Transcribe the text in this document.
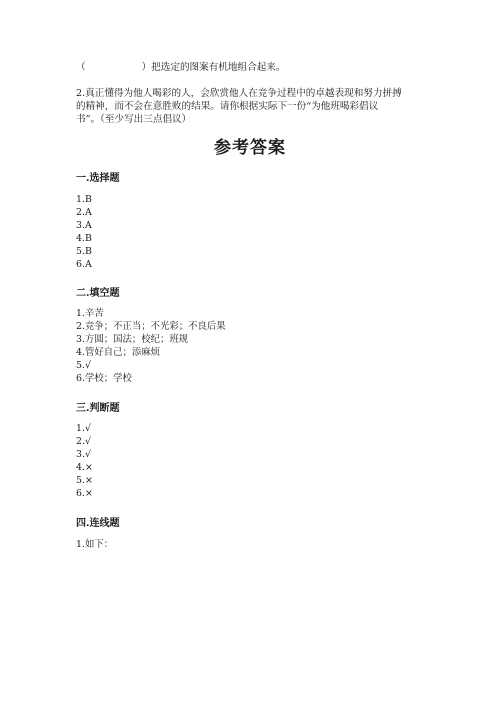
（	）把选定的图案有机地组合起来。
2.真正懂得为他人喝彩的人，会欣赏他人在竞争过程中的卓越表现和努力拼搏
的精神，而不会在意胜败的结果。请你根据实际下一份“为他班喝彩倡议
书”。（至少写出三点倡议）
参考答案
一.选择题
1.B
2.A
3.A
4.B
5.B
6.A
二.填空题
1.辛苦
2.竞争；不正当；不光彩；不良后果
3.方圆；国法；校纪；班规
4.管好自己；添麻烦
5.√
6.学校；学校
三.判断题
1.√
2.√
3.√
4.×
5.×
6.×
四.连线题
1.如下：
